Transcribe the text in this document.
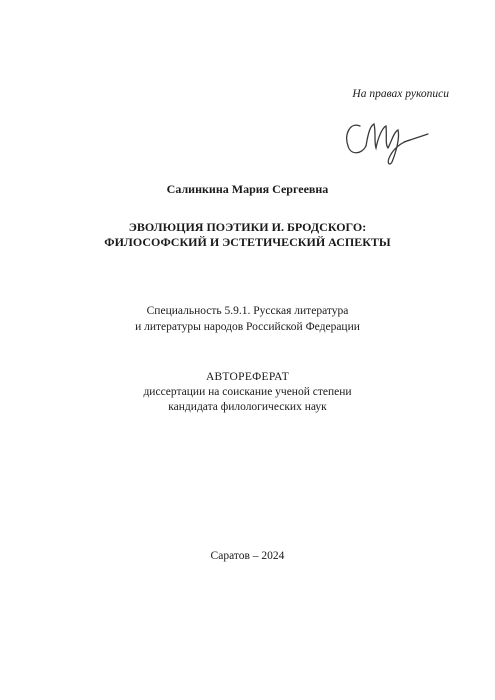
На правах рукописи
Салинкина Мария Сергеевна
ЭВОЛЮЦИЯ ПОЭТИКИ И. БРОДСКОГО:
ФИЛОСОФСКИЙ И ЭСТЕТИЧЕСКИЙ АСПЕКТЫ
Специальность 5.9.1. Русская литература
и литературы народов Российской Федерации
АВТОРЕФЕРАТ
диссертации на соискание ученой степени
кандидата филологических наук
Саратов – 2024
